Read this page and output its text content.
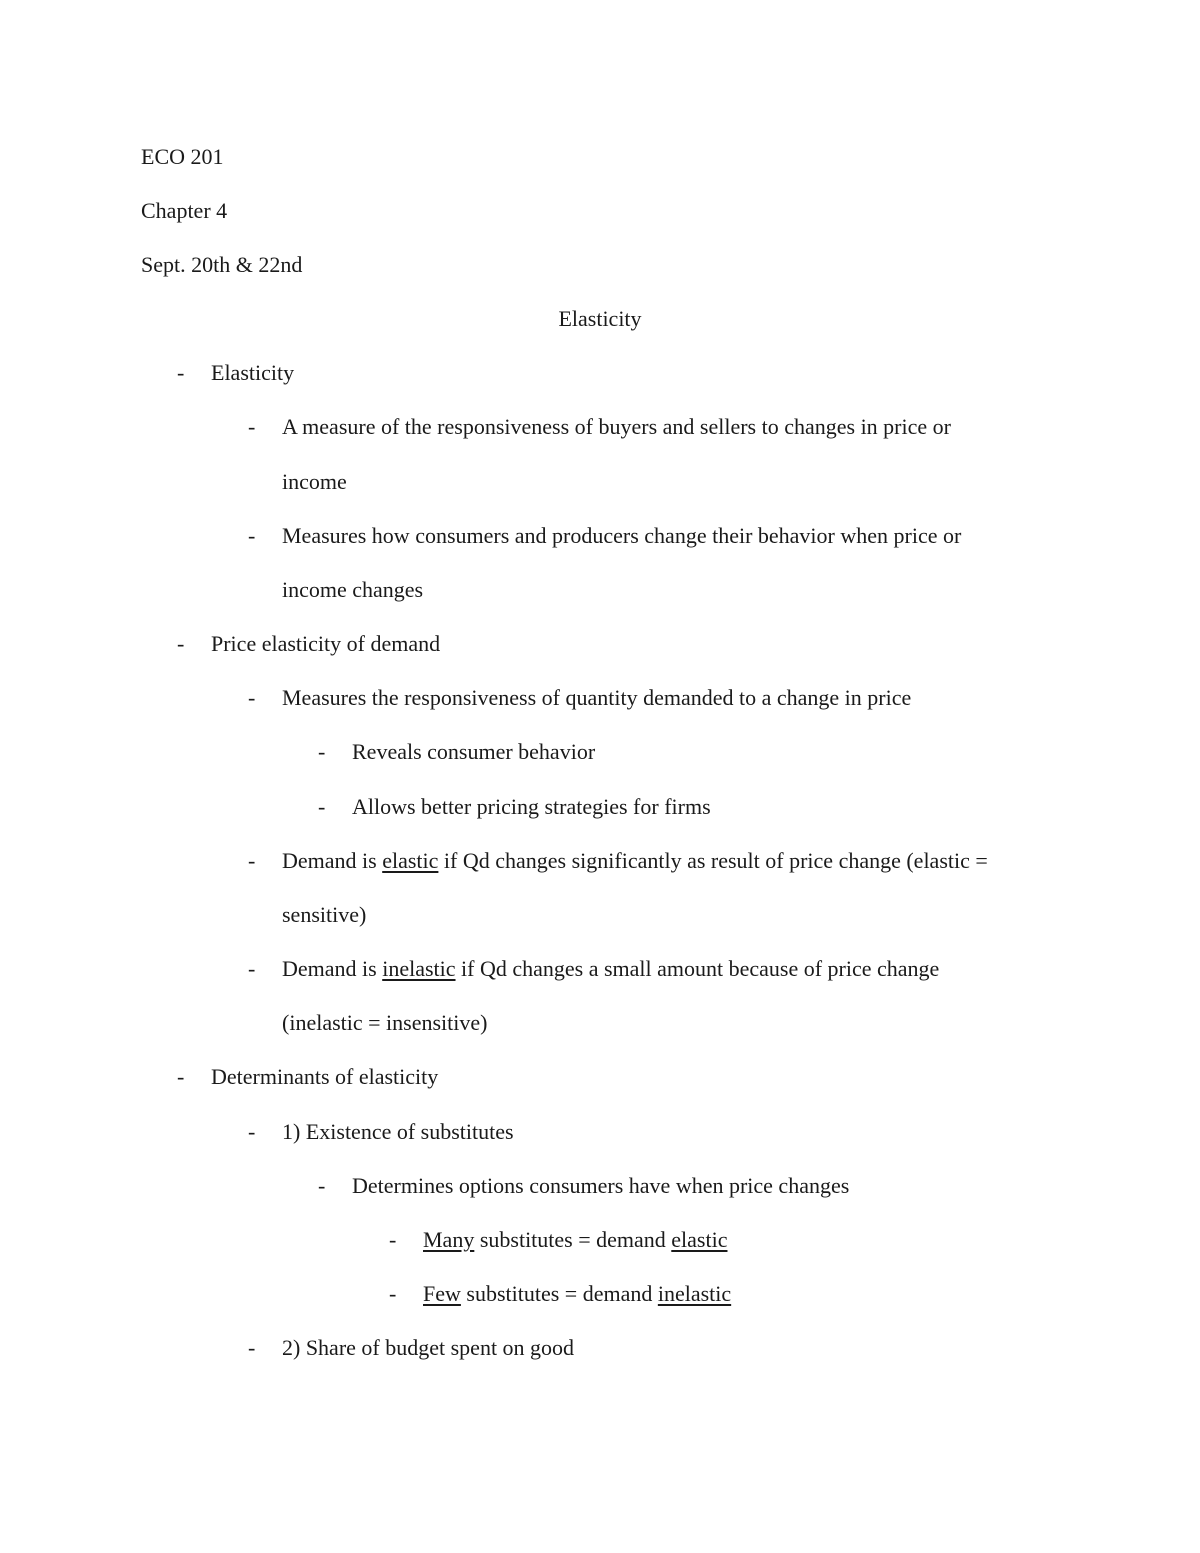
ECO 201
Chapter 4
Sept. 20th & 22nd
Elasticity
- Elasticity
- A measure of the responsiveness of buyers and sellers to changes in price or
income
- Measures how consumers and producers change their behavior when price or
income changes
- Price elasticity of demand
- Measures the responsiveness of quantity demanded to a change in price
- Reveals consumer behavior
- Allows better pricing strategies for firms
- Demand is elastic if Qd changes significantly as result of price change (elastic =
sensitive)
- Demand is inelastic if Qd changes a small amount because of price change
(inelastic = insensitive)
- Determinants of elasticity
- 1) Existence of substitutes
- Determines options consumers have when price changes
- Many substitutes = demand elastic
- Few substitutes = demand inelastic
- 2) Share of budget spent on good
